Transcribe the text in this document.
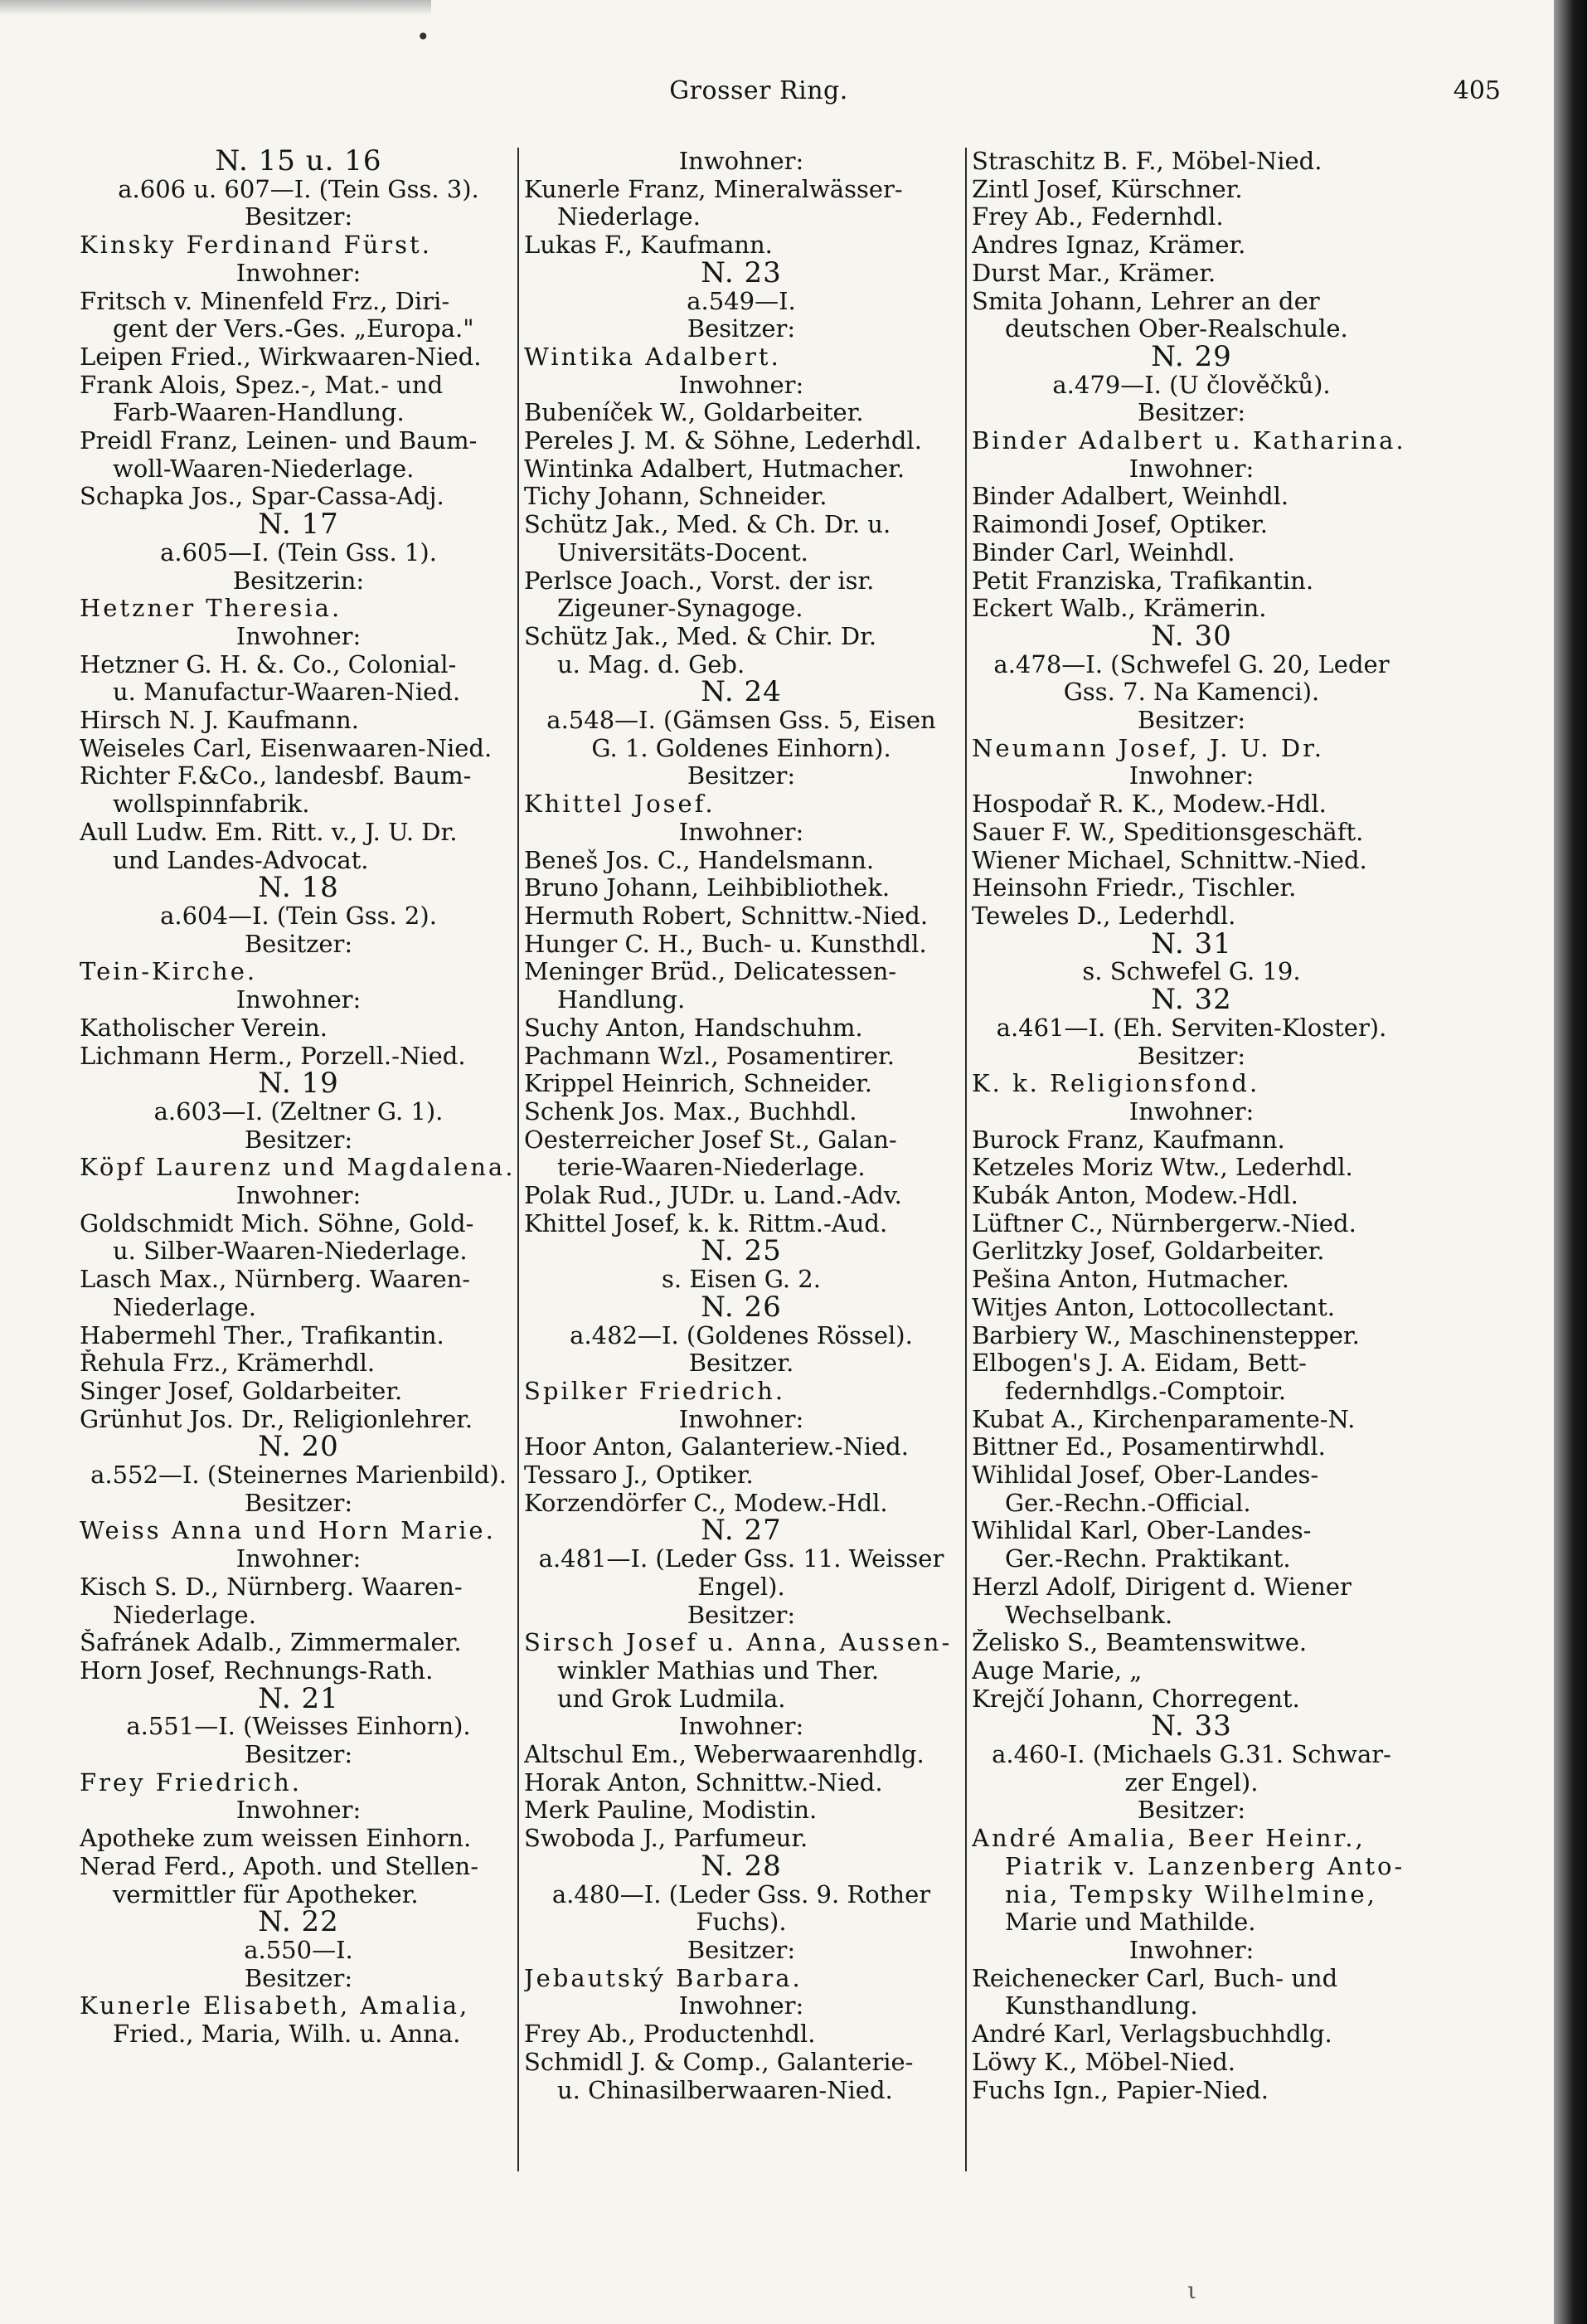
•
Grosser Ring.	405
N. 15 u. 16
a.606 u. 607—I. (Tein Gss. 3).
Besitzer:
Kinsky Ferdinand Fürst.
Inwohner:
Fritsch v. Minenfeld Frz., Diri-
gent der Vers.-Ges. „Europa."
Leipen Fried., Wirkwaaren-Nied.
Frank Alois, Spez.-, Mat.- und
Farb-Waaren-Handlung.
Preidl Franz, Leinen- und Baum-
woll-Waaren-Niederlage.
Schapka Jos., Spar-Cassa-Adj.
N. 17
a.605—I. (Tein Gss. 1).
Besitzerin:
Hetzner Theresia.
Inwohner:
Hetzner G. H. &. Co., Colonial-
u. Manufactur-Waaren-Nied.
Hirsch N. J. Kaufmann.
Weiseles Carl, Eisenwaaren-Nied.
Richter F.&Co., landesbf. Baum-
wollspinnfabrik.
Aull Ludw. Em. Ritt. v., J. U. Dr.
und Landes-Advocat.
N. 18
a.604—I. (Tein Gss. 2).
Besitzer:
Tein-Kirche.
Inwohner:
Katholischer Verein.
Lichmann Herm., Porzell.-Nied.
N. 19
a.603—I. (Zeltner G. 1).
Besitzer:
Köpf Laurenz und Magdalena.
Inwohner:
Goldschmidt Mich. Söhne, Gold-
u. Silber-Waaren-Niederlage.
Lasch Max., Nürnberg. Waaren-
Niederlage.
Habermehl Ther., Trafikantin.
Řehula Frz., Krämerhdl.
Singer Josef, Goldarbeiter.
Grünhut Jos. Dr., Religionlehrer.
N. 20
a.552—I. (Steinernes Marienbild).
Besitzer:
Weiss Anna und Horn Marie.
Inwohner:
Kisch S. D., Nürnberg. Waaren-
Niederlage.
Šafránek Adalb., Zimmermaler.
Horn Josef, Rechnungs-Rath.
N. 21
a.551—I. (Weisses Einhorn).
Besitzer:
Frey Friedrich.
Inwohner:
Apotheke zum weissen Einhorn.
Nerad Ferd., Apoth. und Stellen-
vermittler für Apotheker.
N. 22
a.550—I.
Besitzer:
Kunerle Elisabeth, Amalia,
Fried., Maria, Wilh. u. Anna.
Inwohner:
Kunerle Franz, Mineralwässer-
Niederlage.
Lukas F., Kaufmann.
N. 23
a.549—I.
Besitzer:
Wintika Adalbert.
Inwohner:
Bubeníček W., Goldarbeiter.
Pereles J. M. & Söhne, Lederhdl.
Wintinka Adalbert, Hutmacher.
Tichy Johann, Schneider.
Schütz Jak., Med. & Ch. Dr. u.
Universitäts-Docent.
Perlsce Joach., Vorst. der isr.
Zigeuner-Synagoge.
Schütz Jak., Med. & Chir. Dr.
u. Mag. d. Geb.
N. 24
a.548—I. (Gämsen Gss. 5, Eisen
G. 1. Goldenes Einhorn).
Besitzer:
Khittel Josef.
Inwohner:
Beneš Jos. C., Handelsmann.
Bruno Johann, Leihbibliothek.
Hermuth Robert, Schnittw.-Nied.
Hunger C. H., Buch- u. Kunsthdl.
Meninger Brüd., Delicatessen-
Handlung.
Suchy Anton, Handschuhm.
Pachmann Wzl., Posamentirer.
Krippel Heinrich, Schneider.
Schenk Jos. Max., Buchhdl.
Oesterreicher Josef St., Galan-
terie-Waaren-Niederlage.
Polak Rud., JUDr. u. Land.-Adv.
Khittel Josef, k. k. Rittm.-Aud.
N. 25
s. Eisen G. 2.
N. 26
a.482—I. (Goldenes Rössel).
Besitzer.
Spilker Friedrich.
Inwohner:
Hoor Anton, Galanteriew.-Nied.
Tessaro J., Optiker.
Korzendörfer C., Modew.-Hdl.
N. 27
a.481—I. (Leder Gss. 11. Weisser
Engel).
Besitzer:
Sirsch Josef u. Anna, Aussen-
winkler Mathias und Ther.
und Grok Ludmila.
Inwohner:
Altschul Em., Weberwaarenhdlg.
Horak Anton, Schnittw.-Nied.
Merk Pauline, Modistin.
Swoboda J., Parfumeur.
N. 28
a.480—I. (Leder Gss. 9. Rother
Fuchs).
Besitzer:
Jebautský Barbara.
Inwohner:
Frey Ab., Productenhdl.
Schmidl J. & Comp., Galanterie-
u. Chinasilberwaaren-Nied.
Straschitz B. F., Möbel-Nied.
Zintl Josef, Kürschner.
Frey Ab., Federnhdl.
Andres Ignaz, Krämer.
Durst Mar., Krämer.
Smita Johann, Lehrer an der
deutschen Ober-Realschule.
N. 29
a.479—I. (U člověčků).
Besitzer:
Binder Adalbert u. Katharina.
Inwohner:
Binder Adalbert, Weinhdl.
Raimondi Josef, Optiker.
Binder Carl, Weinhdl.
Petit Franziska, Trafikantin.
Eckert Walb., Krämerin.
N. 30
a.478—I. (Schwefel G. 20, Leder
Gss. 7. Na Kamenci).
Besitzer:
Neumann Josef, J. U. Dr.
Inwohner:
Hospodař R. K., Modew.-Hdl.
Sauer F. W., Speditionsgeschäft.
Wiener Michael, Schnittw.-Nied.
Heinsohn Friedr., Tischler.
Teweles D., Lederhdl.
N. 31
s. Schwefel G. 19.
N. 32
a.461—I. (Eh. Serviten-Kloster).
Besitzer:
K. k. Religionsfond.
Inwohner:
Burock Franz, Kaufmann.
Ketzeles Moriz Wtw., Lederhdl.
Kubák Anton, Modew.-Hdl.
Lüftner C., Nürnbergerw.-Nied.
Gerlitzky Josef, Goldarbeiter.
Pešina Anton, Hutmacher.
Witjes Anton, Lottocollectant.
Barbiery W., Maschinenstepper.
Elbogen's J. A. Eidam, Bett-
federnhdlgs.-Comptoir.
Kubat A., Kirchenparamente-N.
Bittner Ed., Posamentirwhdl.
Wihlidal Josef, Ober-Landes-
Ger.-Rechn.-Official.
Wihlidal Karl, Ober-Landes-
Ger.-Rechn. Praktikant.
Herzl Adolf, Dirigent d. Wiener
Wechselbank.
Želisko S., Beamtenswitwe.
Auge Marie, „
Krejčí Johann, Chorregent.
N. 33
a.460-I. (Michaels G.31. Schwar-
zer Engel).
Besitzer:
André Amalia, Beer Heinr.,
Piatrik v. Lanzenberg Anto-
nia, Tempsky Wilhelmine,
Marie und Mathilde.
Inwohner:
Reichenecker Carl, Buch- und
Kunsthandlung.
André Karl, Verlagsbuchhdlg.
Löwy K., Möbel-Nied.
Fuchs Ign., Papier-Nied.
ι
